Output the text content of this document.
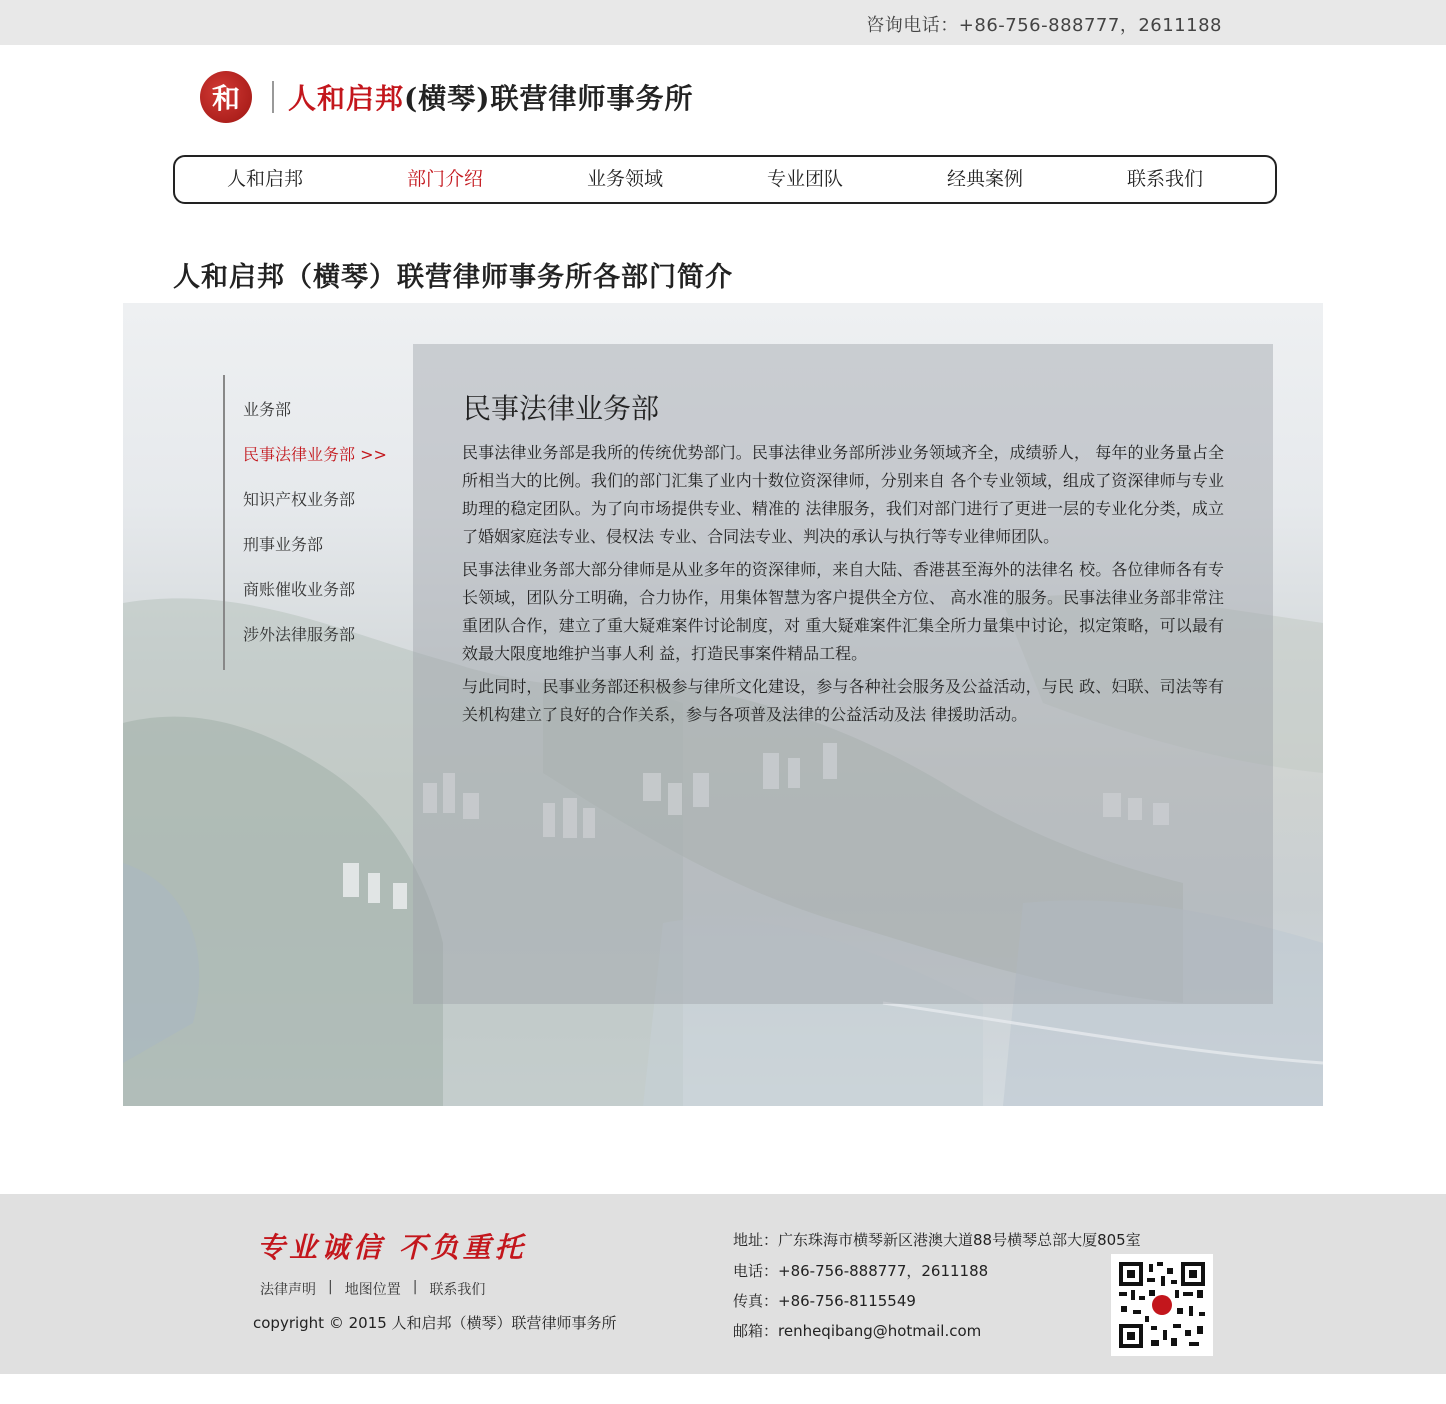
咨询电话：+86-756-888777，2611188
和	人和启邦(横琴)联营律师事务所
人和启邦	部门介绍	业务领域	专业团队	经典案例	联系我们
人和启邦（横琴）联营律师事务所各部门简介
业务部
民事法律业务部 >>
知识产权业务部
刑事业务部
商账催收业务部
涉外法律服务部
民事法律业务部
民事法律业务部是我所的传统优势部门。民事法律业务部所涉业务领域齐全，成绩骄人， 每年的业务量占全所相当大的比例。我们的部门汇集了业内十数位资深律师，分别来自 各个专业领域，组成了资深律师与专业助理的稳定团队。为了向市场提供专业、精准的 法律服务，我们对部门进行了更进一层的专业化分类，成立了婚姻家庭法专业、侵权法 专业、合同法专业、判决的承认与执行等专业律师团队。
民事法律业务部大部分律师是从业多年的资深律师，来自大陆、香港甚至海外的法律名 校。各位律师各有专长领域，团队分工明确，合力协作，用集体智慧为客户提供全方位、 高水准的服务。民事法律业务部非常注重团队合作，建立了重大疑难案件讨论制度，对 重大疑难案件汇集全所力量集中讨论，拟定策略，可以最有效最大限度地维护当事人利 益，打造民事案件精品工程。
与此同时，民事业务部还积极参与律所文化建设，参与各种社会服务及公益活动，与民 政、妇联、司法等有关机构建立了良好的合作关系，参与各项普及法律的公益活动及法 律援助活动。
专业诚信 不负重托
法律声明 | 地图位置 | 联系我们
copyright © 2015 人和启邦（横琴）联营律师事务所
地址：广东珠海市横琴新区港澳大道88号横琴总部大厦805室
电话：+86-756-888777，2611188
传真：+86-756-8115549
邮箱：renheqibang@hotmail.com
